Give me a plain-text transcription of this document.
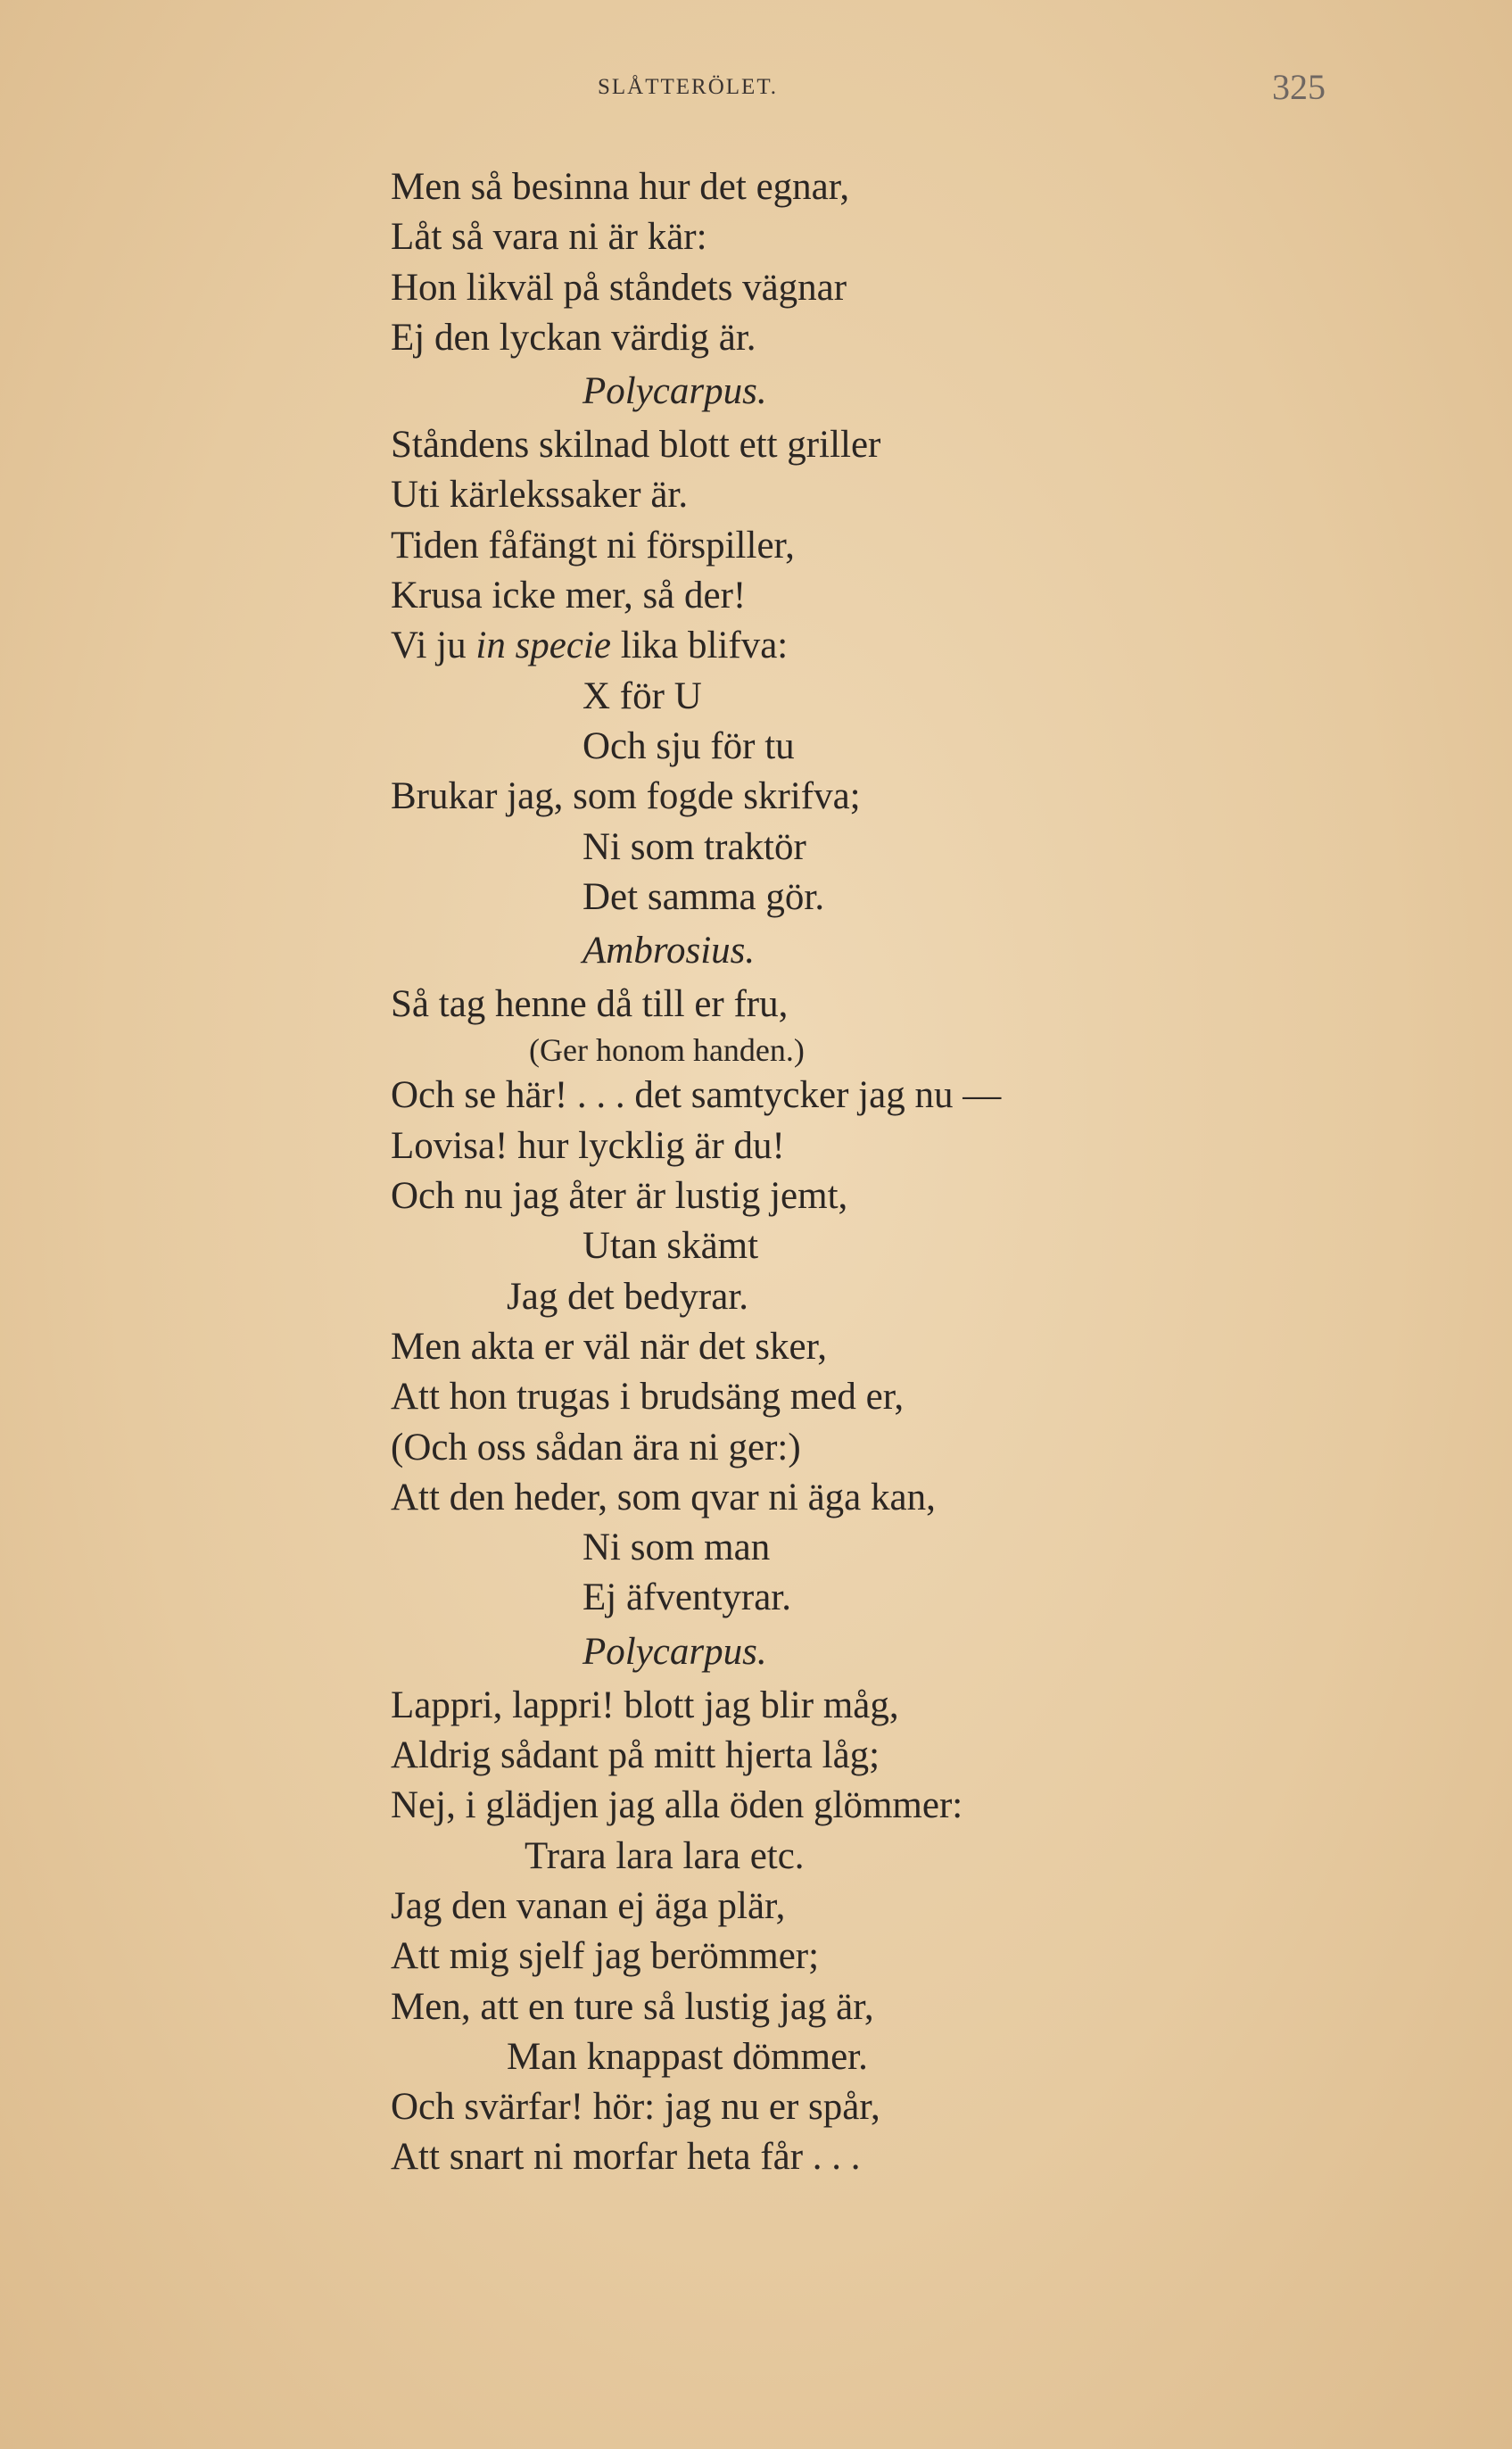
SLÅTTERÖLET.	325
Men så besinna hur det egnar,
Låt så vara ni är kär:
Hon likväl på ståndets vägnar
Ej den lyckan värdig är.
Polycarpus.
Ståndens skilnad blott ett griller
Uti kärlekssaker är.
Tiden fåfängt ni förspiller,
Krusa icke mer, så der!
Vi ju in specie lika blifva:
X för U
Och sju för tu
Brukar jag, som fogde skrifva;
Ni som traktör
Det samma gör.
Ambrosius.
Så tag henne då till er fru,
(Ger honom handen.)
Och se här! . . . det samtycker jag nu —
Lovisa! hur lycklig är du!
Och nu jag åter är lustig jemt,
Utan skämt
Jag det bedyrar.
Men akta er väl när det sker,
Att hon trugas i brudsäng med er,
(Och oss sådan ära ni ger:)
Att den heder, som qvar ni äga kan,
Ni som man
Ej äfventyrar.
Polycarpus.
Lappri, lappri! blott jag blir måg,
Aldrig sådant på mitt hjerta låg;
Nej, i glädjen jag alla öden glömmer:
Trara lara lara etc.
Jag den vanan ej äga plär,
Att mig sjelf jag berömmer;
Men, att en ture så lustig jag är,
Man knappast dömmer.
Och svärfar! hör: jag nu er spår,
Att snart ni morfar heta får . . .
